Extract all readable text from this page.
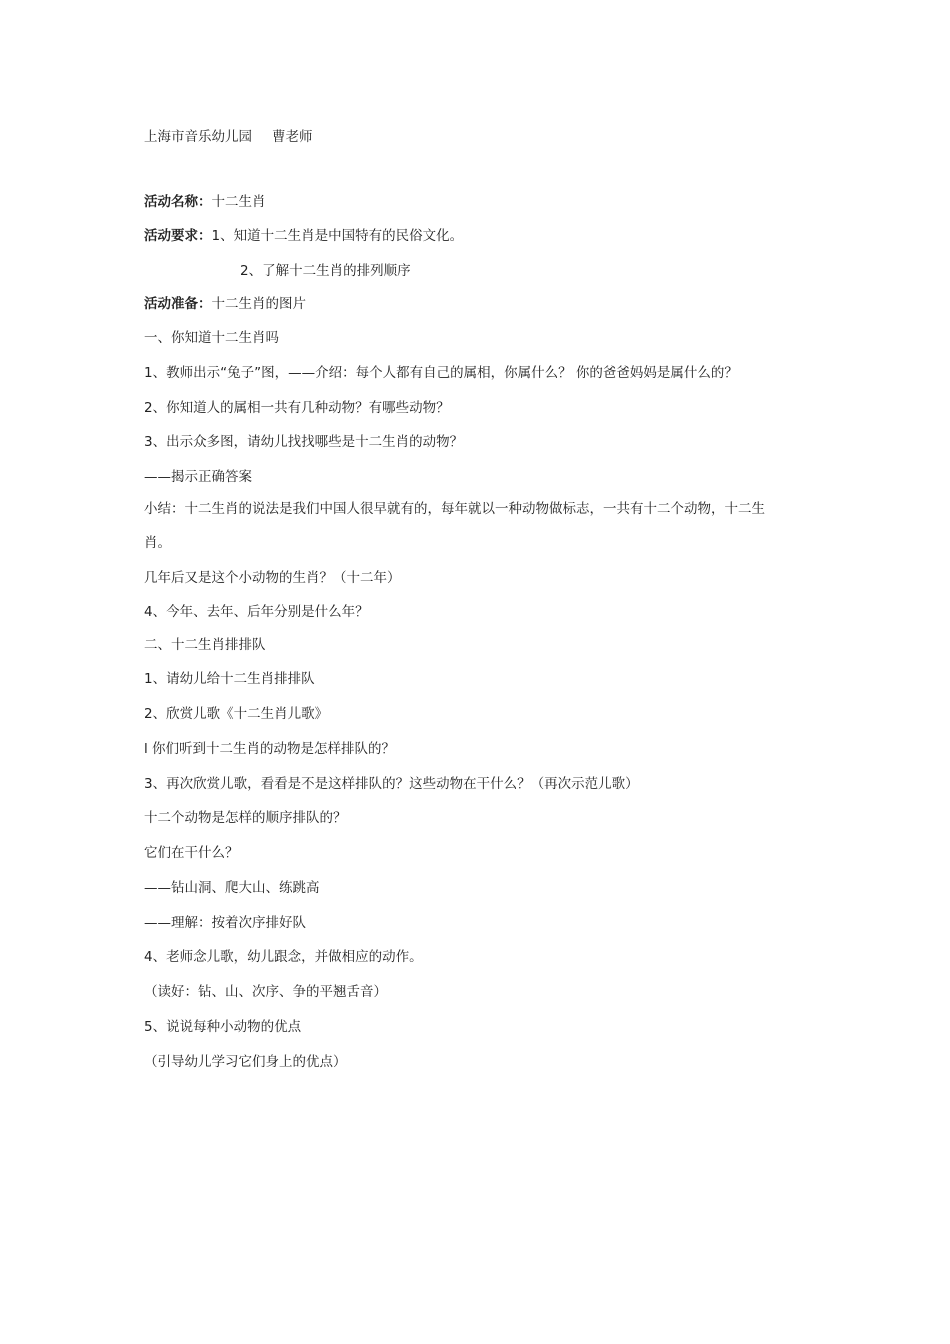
上海市音乐幼儿园 曹老师
活动名称：十二生肖
活动要求：1、知道十二生肖是中国特有的民俗文化。
2、了解十二生肖的排列顺序
活动准备：十二生肖的图片
一、你知道十二生肖吗
1、教师出示“兔子”图，——介绍：每个人都有自己的属相，你属什么？ 你的爸爸妈妈是属什么的？
2、你知道人的属相一共有几种动物？有哪些动物？
3、出示众多图，请幼儿找找哪些是十二生肖的动物？
——揭示正确答案
小结：十二生肖的说法是我们中国人很早就有的，每年就以一种动物做标志，一共有十二个动物，十二生
肖。
几年后又是这个小动物的生肖？（十二年）
4、今年、去年、后年分别是什么年？
二、十二生肖排排队
1、请幼儿给十二生肖排排队
2、欣赏儿歌《十二生肖儿歌》
l 你们听到十二生肖的动物是怎样排队的？
3、再次欣赏儿歌，看看是不是这样排队的？这些动物在干什么？（再次示范儿歌）
十二个动物是怎样的顺序排队的？
它们在干什么？
——钻山洞、爬大山、练跳高
——理解：按着次序排好队
4、老师念儿歌，幼儿跟念，并做相应的动作。
（读好：钻、山、次序、争的平翘舌音）
5、说说每种小动物的优点
（引导幼儿学习它们身上的优点）
